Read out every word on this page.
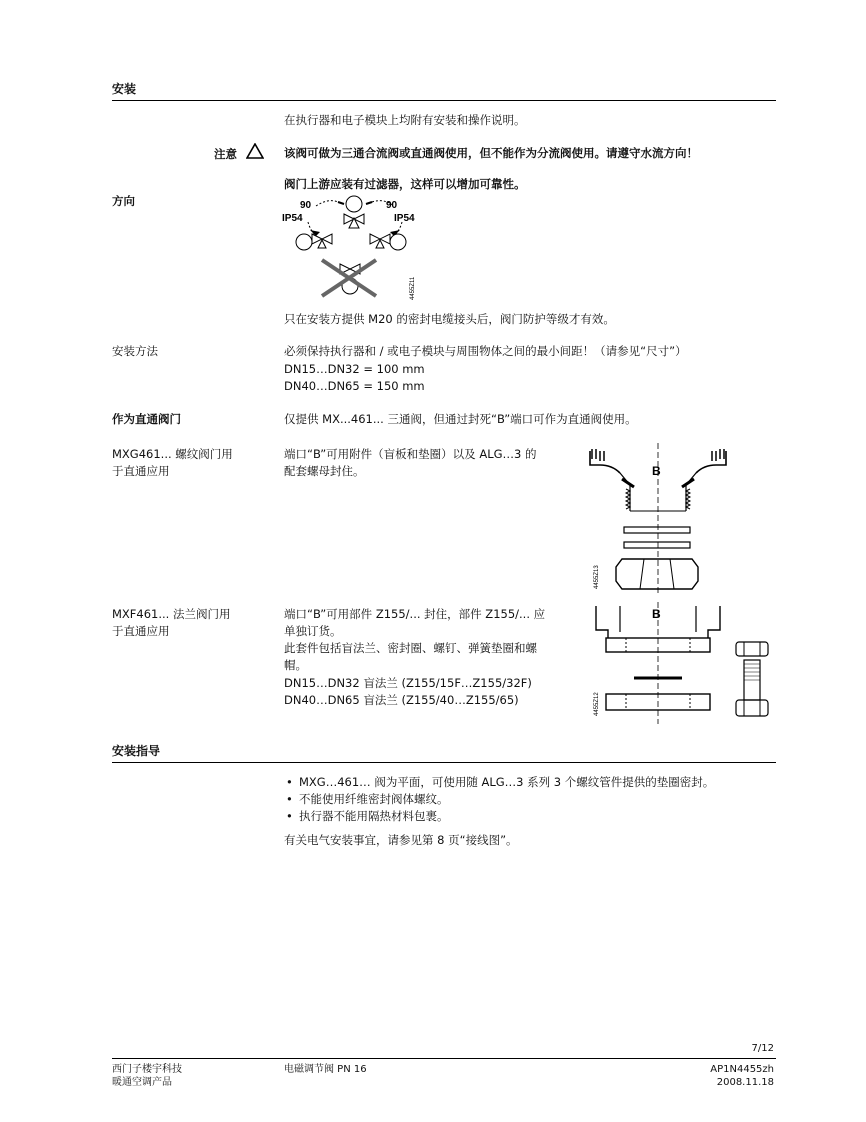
安装
在执行器和电子模块上均附有安装和操作说明。
注意	该阀可做为三通合流阀或直通阀使用，但不能作为分流阀使用。请遵守水流方向！
阀门上游应装有过滤器，这样可以增加可靠性。
方向	90	90
IP54	IP54
4455Z11
只在安装方提供 M20 的密封电缆接头后，阀门防护等级才有效。
安装方法	必须保持执行器和 / 或电子模块与周围物体之间的最小间距！（请参见“尺寸”）
DN15…DN32 = 100 mm
DN40…DN65 = 150 mm
作为直通阀门	仅提供 MX...461... 三通阀，但通过封死“B”端口可作为直通阀使用。
MXG461... 螺纹阀门用
于直通应用
端口“B”可用附件（盲板和垫圈）以及 ALG…3 的
配套螺母封住。	B
4455Z13
MXF461... 法兰阀门用
于直通应用
端口“B”可用部件 Z155/... 封住，部件 Z155/... 应
单独订货。
此套件包括盲法兰、密封圈、螺钉、弹簧垫圈和螺
帽。
DN15…DN32 盲法兰 (Z155/15F…Z155/32F)
DN40…DN65 盲法兰 (Z155/40…Z155/65)
B
4455Z12
安装指导
• MXG…461… 阀为平面，可使用随 ALG…3 系列 3 个螺纹管件提供的垫圈密封。
• 不能使用纤维密封阀体螺纹。
• 执行器不能用隔热材料包裹。
有关电气安装事宜，请参见第 8 页“接线图”。
7/12
西门子楼宇科技
暖通空调产品
电磁调节阀 PN 16	AP1N4455zh
2008.11.18
